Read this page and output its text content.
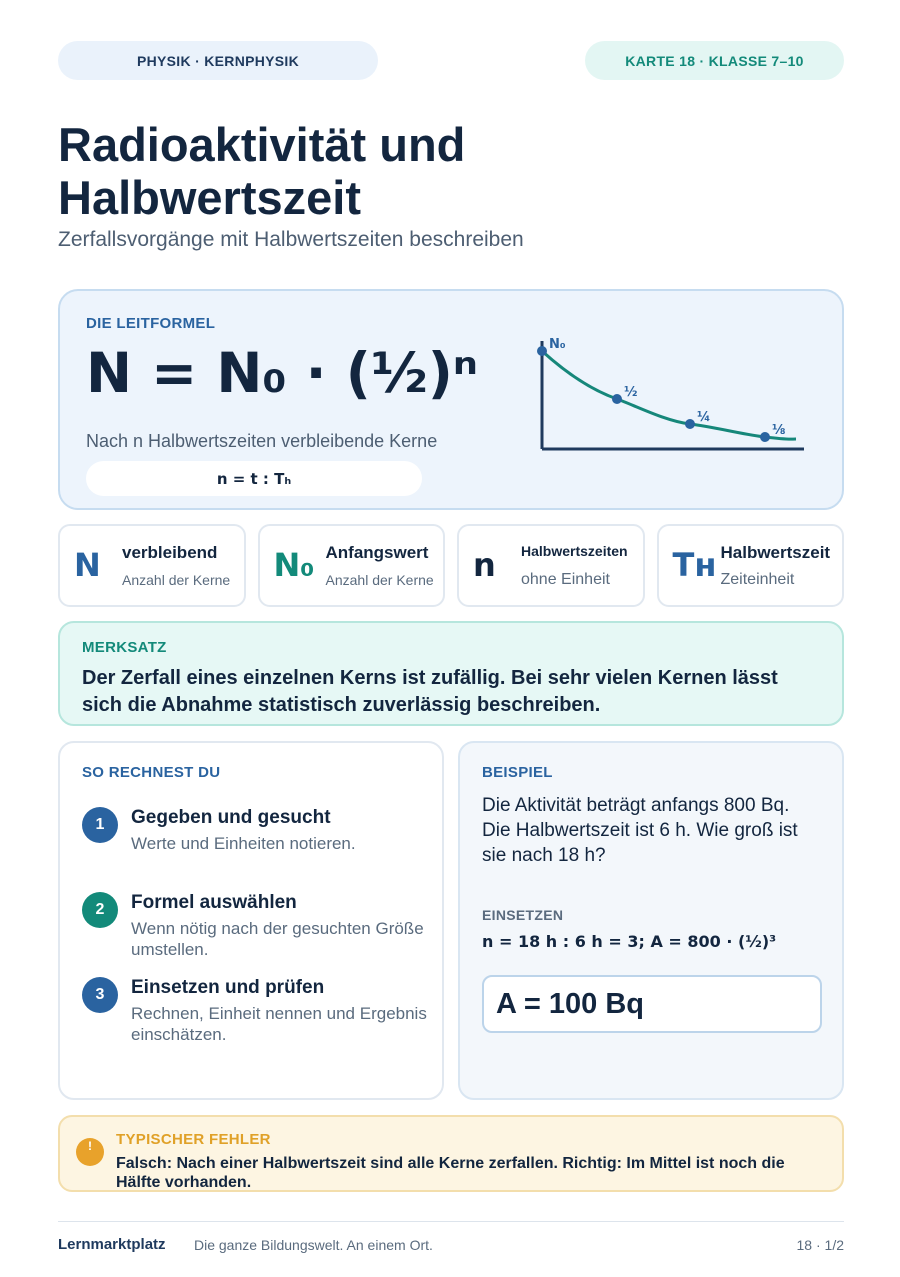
PHYSIK · KERNPHYSIK	KARTE 18 · KLASSE 7–10
Radioaktivität und Halbwertszeit
Zerfallsvorgänge mit Halbwertszeiten beschreiben
DIE LEITFORMEL
N = N₀ · (½)ⁿ
Nach n Halbwertszeiten verbleibende Kerne
n = t : Tₕ
N₀
½
¼
⅛
N verbleibend
Anzahl der Kerne N₀ Anfangswert
Anzahl der Kerne n Halbwertszeiten
ohne Einheit Tʜ Halbwertszeit
Zeiteinheit
MERKSATZ
Der Zerfall eines einzelnen Kerns ist zufällig. Bei sehr vielen Kernen lässt sich die Abnahme statistisch zuverlässig beschreiben.
SO RECHNEST DU
1	Gegeben und gesucht
Werte und Einheiten notieren.
2	Formel auswählen
Wenn nötig nach der gesuchten Größe umstellen.
3	Einsetzen und prüfen
Rechnen, Einheit nennen und Ergebnis einschätzen.
BEISPIEL
Die Aktivität beträgt anfangs 800 Bq. Die Halbwertszeit ist 6 h. Wie groß ist sie nach 18 h?
EINSETZEN
n = 18 h : 6 h = 3; A = 800 · (½)³
A = 100 Bq
!	TYPISCHER FEHLER
Falsch: Nach einer Halbwertszeit sind alle Kerne zerfallen. Richtig: Im Mittel ist noch die Hälfte vorhanden.
Lernmarktplatz Die ganze Bildungswelt. An einem Ort.	18 · 1/2
